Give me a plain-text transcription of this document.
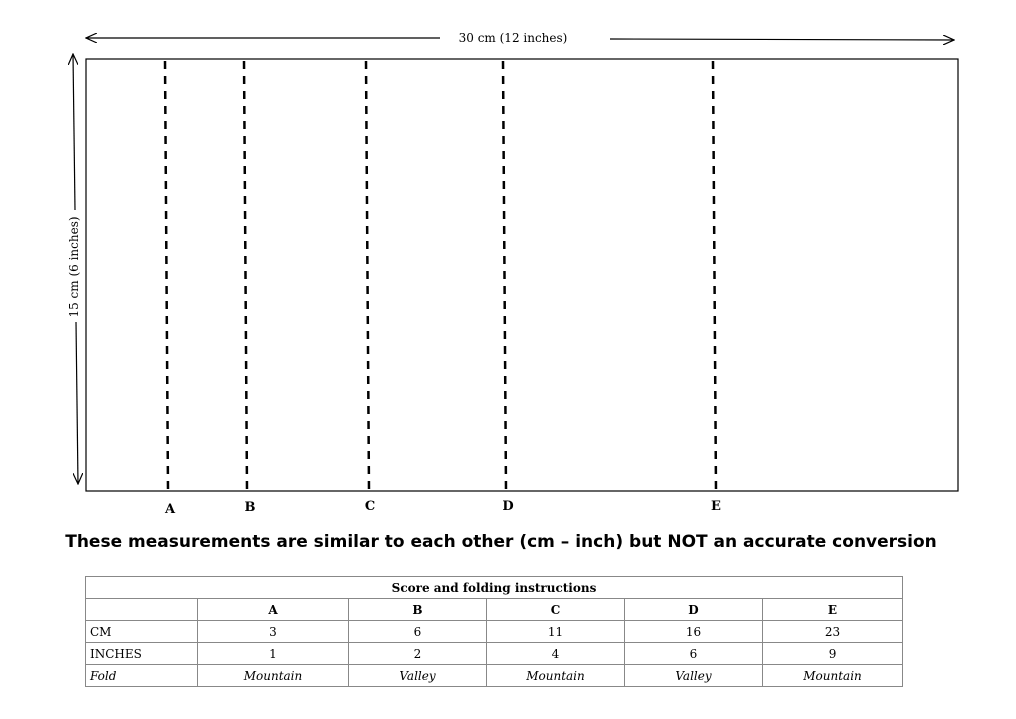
30 cm (12 inches)
15 cm (6 inches)
A	B	C	D	E
These measurements are similar to each other (cm – inch) but NOT an accurate conversion
Score and folding instructions					
	A	B	C	D	E
CM	3	6	11	16	23
INCHES	1	2	4	6	9
Fold	Mountain	Valley	Mountain	Valley	Mountain
